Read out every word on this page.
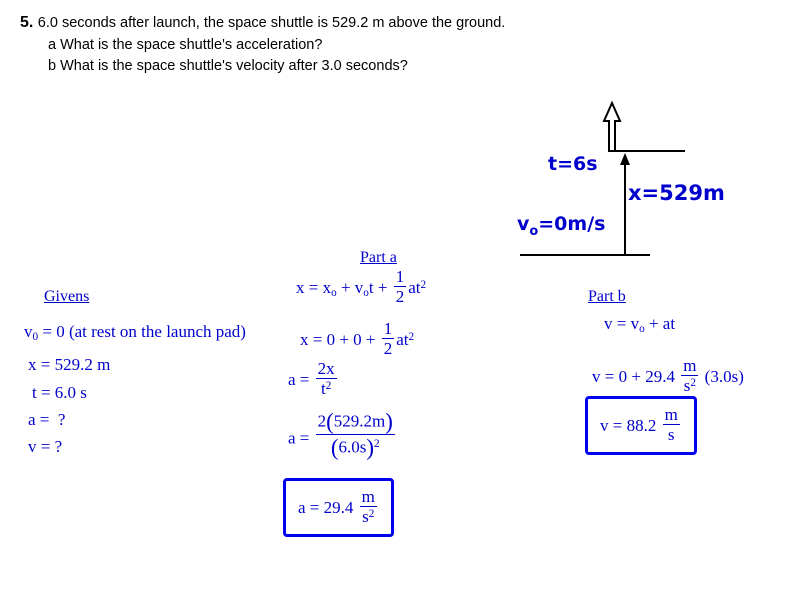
5. 6.0 seconds after launch, the space shuttle is 529.2 m above the ground.
a What is the space shuttle's acceleration?
b What is the space shuttle's velocity after 3.0 seconds?
t=6s
x=529m
$v_o=0m/s$
Givens
$v_0 = 0$ (at rest on the launch pad)
x = 529.2 m
t = 6.0 s
a =  ?
v = ?
Part a
$x = x_o + v_ot + \frac{1}{2} at^2$
$x = 0 + 0 + \frac{1}{2} at^2$
$a = \frac{2x}{t^2}$
$a = \frac{2(529.2m)}{(6.0s)^2}$
$a = 29.4 \frac{m}{s^2}$
Part b
$v = v_o$ + at
$v = 0 + 29.4 \frac{m}{s^2} (3.0s)$
$v = 88.2 \frac{m}{s}$
